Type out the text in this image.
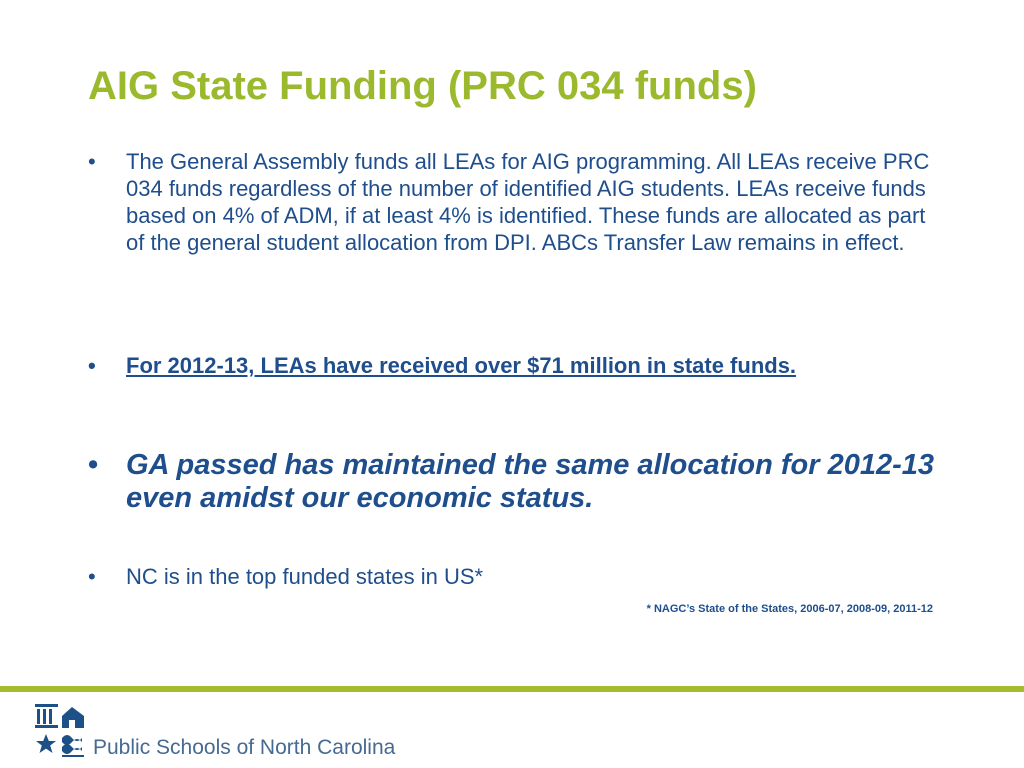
AIG State Funding (PRC 034 funds)
•	The General Assembly funds all LEAs for AIG programming. All LEAs receive PRC 034 funds regardless of the number of identified AIG students. LEAs receive funds based on 4% of ADM, if at least 4% is identified. These funds are allocated as part of the general student allocation from DPI. ABCs Transfer Law remains in effect.
•	For 2012-13, LEAs have received over $71 million in state funds.
• GA passed has maintained the same allocation for 2012-13 even amidst our economic status.
•	NC is in the top funded states in US*
* NAGC’s State of the States, 2006-07, 2008-09, 2011-12
Public Schools of North Carolina
